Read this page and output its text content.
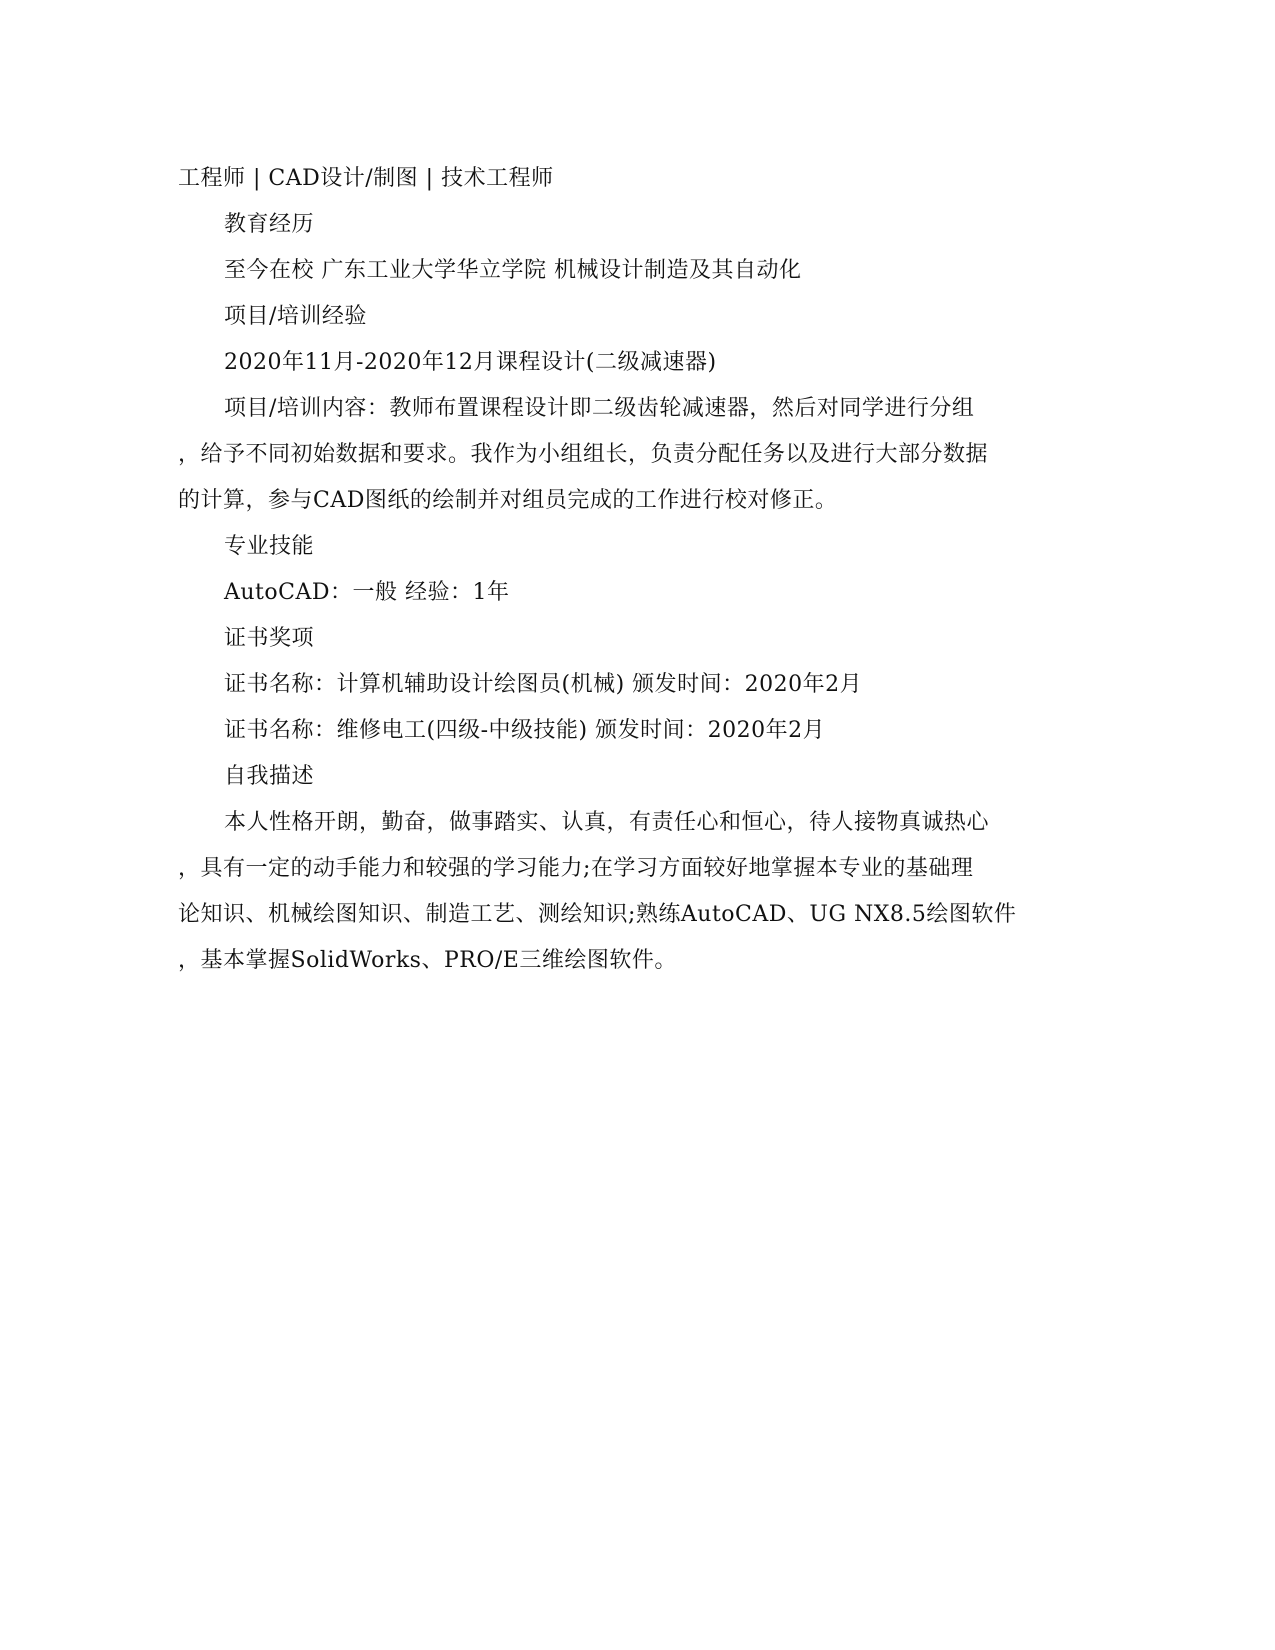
工程师 | CAD设计/制图 | 技术工程师
教育经历
至今在校 广东工业大学华立学院 机械设计制造及其自动化
项目/培训经验
2020年11月-2020年12月课程设计(二级减速器)
项目/培训内容：教师布置课程设计即二级齿轮减速器，然后对同学进行分组
，给予不同初始数据和要求。我作为小组组长，负责分配任务以及进行大部分数据
的计算，参与CAD图纸的绘制并对组员完成的工作进行校对修正。
专业技能
AutoCAD：一般 经验：1年
证书奖项
证书名称：计算机辅助设计绘图员(机械) 颁发时间：2020年2月
证书名称：维修电工(四级-中级技能) 颁发时间：2020年2月
自我描述
本人性格开朗，勤奋，做事踏实、认真，有责任心和恒心，待人接物真诚热心
，具有一定的动手能力和较强的学习能力;在学习方面较好地掌握本专业的基础理
论知识、机械绘图知识、制造工艺、测绘知识;熟练AutoCAD、UG NX8.5绘图软件
，基本掌握SolidWorks、PRO/E三维绘图软件。
